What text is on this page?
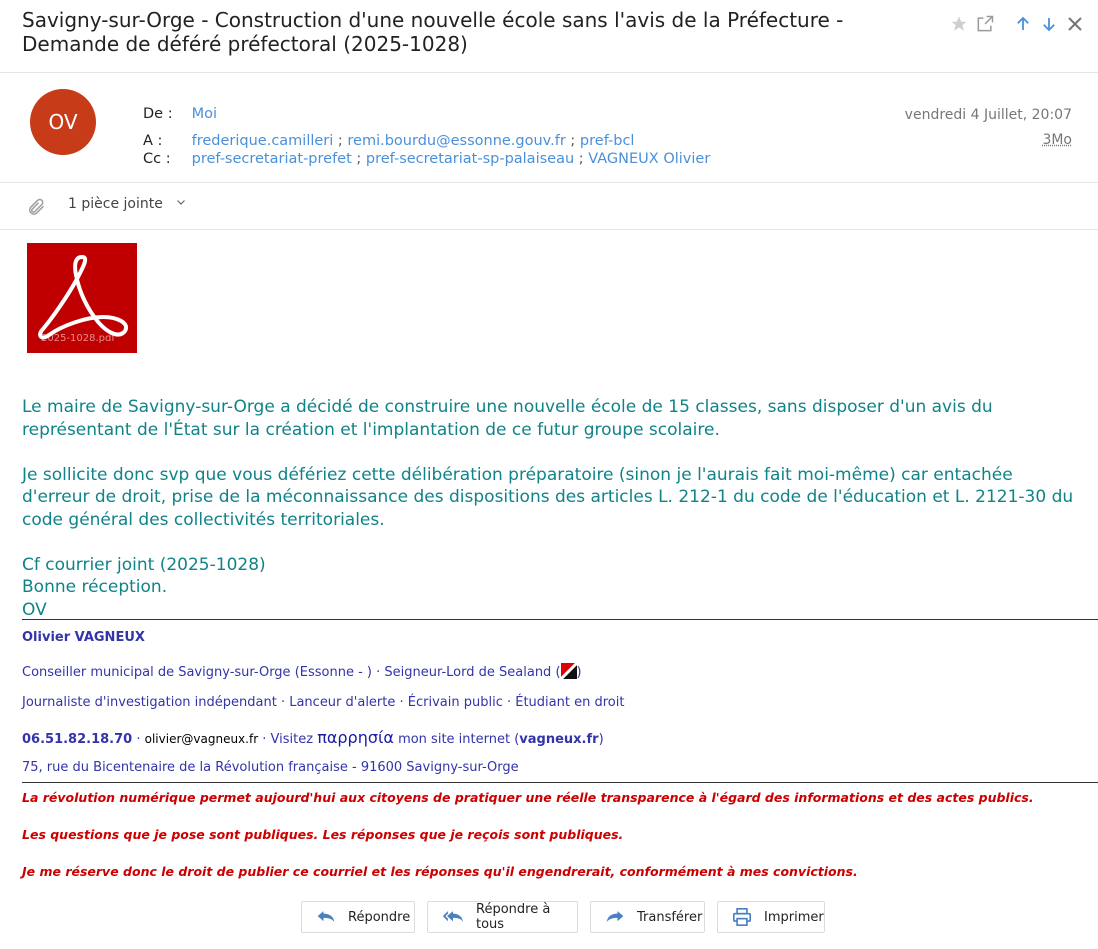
Savigny-sur-Orge - Construction d'une nouvelle école sans l'avis de la Préfecture - Demande de déféré préfectoral (2025-1028)
OV	De : Moi
A : frederique.camilleri ; remi.bourdu@essonne.gouv.fr ; pref-bcl
Cc : pref-secretariat-prefet ; pref-secretariat-sp-palaiseau ; VAGNEUX Olivier
vendredi 4 Juillet, 20:07
3Mo
1 pièce jointe
2025-1028.pdf

Le maire de Savigny-sur-Orge a décidé de construire une nouvelle école de 15 classes, sans disposer d'un avis du représentant de l'État sur la création et l'implantation de ce futur groupe scolaire.

Je sollicite donc svp que vous défériez cette délibération préparatoire (sinon je l'aurais fait moi-même) car entachée d'erreur de droit, prise de la méconnaissance des dispositions des articles L. 212-1 du code de l'éducation et L. 2121-30 du code général des collectivités territoriales.

Cf courrier joint (2025-1028)

Bonne réception.

OV

Olivier VAGNEUX
Conseiller municipal de Savigny-sur-Orge (Essonne - ) · Seigneur-Lord de Sealand ( )
Journaliste d'investigation indépendant · Lanceur d'alerte · Écrivain public · Étudiant en droit
06.51.82.18.70 · olivier@vagneux.fr · Visitez παρρησία mon site internet (vagneux.fr)
75, rue du Bicentenaire de la Révolution française - 91600 Savigny-sur-Orge
La révolution numérique permet aujourd'hui aux citoyens de pratiquer une réelle transparence à l'égard des informations et des actes publics.
Les questions que je pose sont publiques. Les réponses que je reçois sont publiques.
Je me réserve donc le droit de publier ce courriel et les réponses qu'il engendrerait, conformément à mes convictions.
Répondre	Répondre à tous	Transférer	Imprimer
